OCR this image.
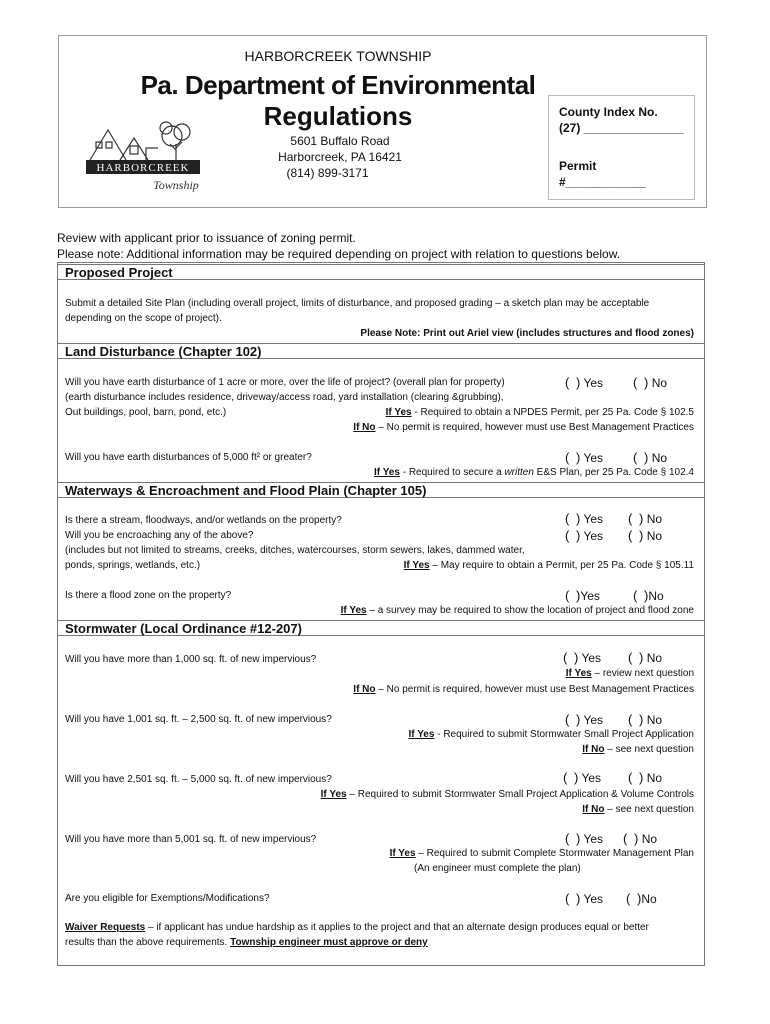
HARBORCREEK TOWNSHIP
Pa. Department of Environmental
Regulations
5601 Buffalo Road
Harborcreek, PA 16421
(814) 899-3171
HARBORCREEK
Township
County Index No.
(27) _______________
Permit
#____________
Review with applicant prior to issuance of zoning permit.
Please note: Additional information may be required depending on project with relation to questions below.
Proposed Project
Submit a detailed Site Plan (including overall project, limits of disturbance, and proposed grading – a sketch plan may be acceptable
depending on the scope of project).
Please Note: Print out Ariel view (includes structures and flood zones)
Land Disturbance (Chapter 102)
Will you have earth disturbance of 1 acre or more, over the life of project? (overall plan for property)
(earth disturbance includes residence, driveway/access road, yard installation (clearing &grubbing),
Out buildings, pool, barn, pond, etc.)
( ) Yes ( ) No
If Yes - Required to obtain a NPDES Permit, per 25 Pa. Code § 102.5
If No – No permit is required, however must use Best Management Practices
Will you have earth disturbances of 5,000 ft² or greater?	( ) Yes ( ) No
If Yes - Required to secure a written E&S Plan, per 25 Pa. Code § 102.4
Waterways & Encroachment and Flood Plain (Chapter 105)
Is there a stream, floodways, and/or wetlands on the property?	( ) Yes ( ) No
Will you be encroaching any of the above?	( ) Yes ( ) No
(includes but not limited to streams, creeks, ditches, watercourses, storm sewers, lakes, dammed water,
ponds, springs, wetlands, etc.)	If Yes – May require to obtain a Permit, per 25 Pa. Code § 105.11
Is there a flood zone on the property?	( )Yes	( )No
If Yes – a survey may be required to show the location of project and flood zone
Stormwater (Local Ordinance #12-207)
Will you have more than 1,000 sq. ft. of new impervious?	( ) Yes ( ) No
If Yes – review next question
If No – No permit is required, however must use Best Management Practices
Will you have 1,001 sq. ft. – 2,500 sq. ft. of new impervious?	( ) Yes ( ) No
If Yes - Required to submit Stormwater Small Project Application
If No – see next question
Will you have 2,501 sq. ft. – 5,000 sq. ft. of new impervious?	( ) Yes ( ) No
If Yes – Required to submit Stormwater Small Project Application & Volume Controls
If No – see next question
Will you have more than 5,001 sq. ft. of new impervious?	( ) Yes ( ) No
If Yes – Required to submit Complete Stormwater Management Plan
(An engineer must complete the plan)
Are you eligible for Exemptions/Modifications?	( ) Yes ( )No
Waiver Requests – if applicant has undue hardship as it applies to the project and that an alternate design produces equal or better
results than the above requirements. Township engineer must approve or deny
